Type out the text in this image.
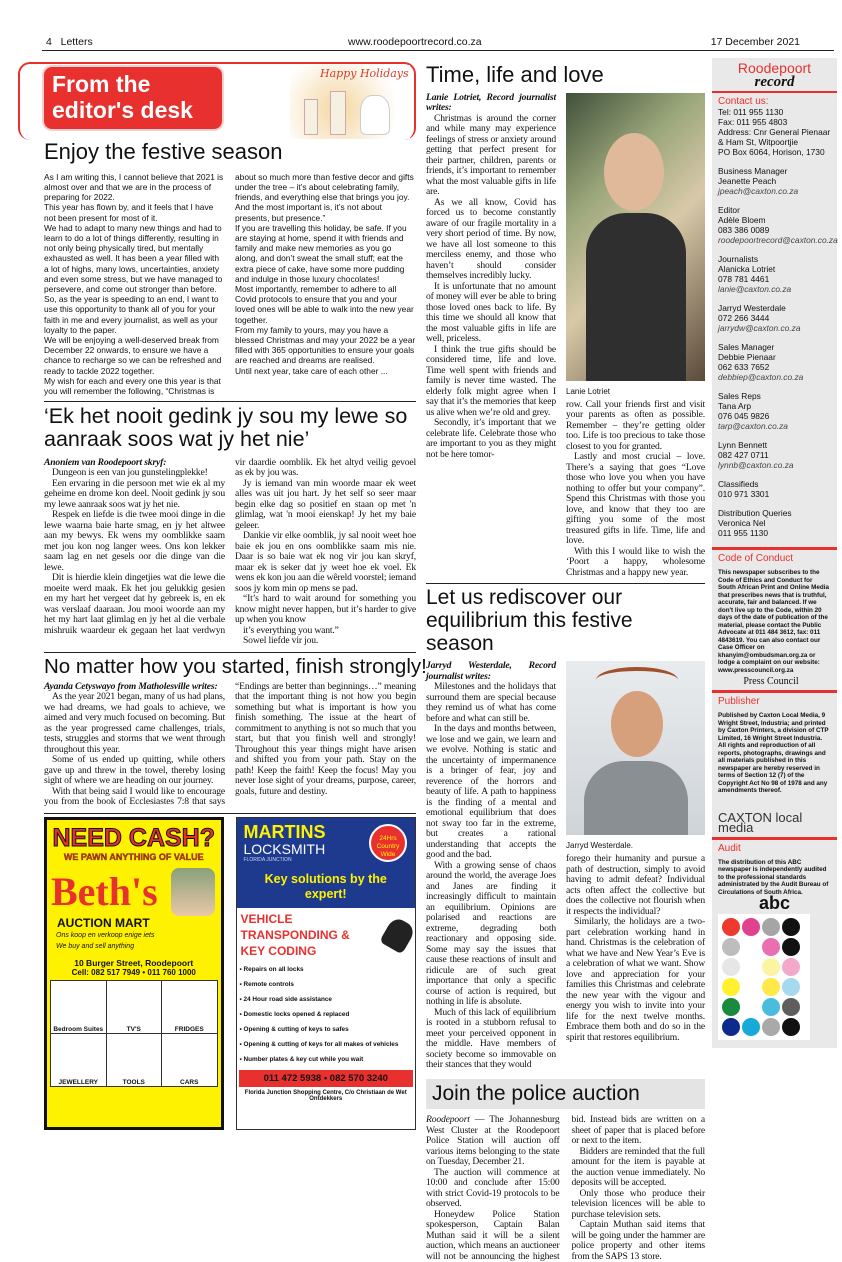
4 Letters	www.roodepoortrecord.co.za	17 December 2021
From the editor's desk
Happy Holidays
Enjoy the festive season

As I am writing this, I cannot believe that 2021 is almost over and that we are in the process of preparing for 2022.

This year has flown by, and it feels that I have not been present for most of it.

We had to adapt to many new things and had to learn to do a lot of things differently, resulting in not only being physically tired, but mentally exhausted as well. It has been a year filled with a lot of highs, many lows, uncertainties, anxiety and even some stress, but we have managed to persevere, and come out stronger than before.

So, as the year is speeding to an end, I want to use this opportunity to thank all of you for your faith in me and every journalist, as well as your loyalty to the paper.

We will be enjoying a well-deserved break from December 22 onwards, to ensure we have a chance to recharge so we can be refreshed and ready to tackle 2022 together.

My wish for each and every one this year is that you will remember the following, “Christmas is about so much more than festive decor and gifts under the tree – it’s about celebrating family, friends, and everything else that brings you joy. And the most important is, it’s not about presents, but presence.”

If you are travelling this holiday, be safe. If you are staying at home, spend it with friends and family and make new memories as you go along, and don’t sweat the small stuff; eat the extra piece of cake, have some more pudding and indulge in those luxury chocolates!

Most importantly, remember to adhere to all Covid protocols to ensure that you and your loved ones will be able to walk into the new year together.

From my family to yours, may you have a blessed Christmas and may your 2022 be a year filled with 365 opportunities to ensure your goals are reached and dreams are realised.

Until next year, take care of each other ...

‘Ek het nooit gedink jy sou my lewe so aanraak soos wat jy het nie’

Anoniem van Roodepoort skryf:

Dungeon is een van jou gunstelingplekke!

Een ervaring in die persoon met wie ek al my geheime en drome kon deel. Nooit gedink jy sou my lewe aanraak soos wat jy het nie.

Respek en liefde is die twee mooi dinge in die lewe waarna baie harte smag, en jy het altwee aan my bewys. Ek wens my oomblikke saam met jou kon nog langer wees. Ons kon lekker saam lag en net gesels oor die dinge van die lewe.

Dit is hierdie klein dingetjies wat die lewe die moeite werd maak. Ek het jou gelukkig gesien en my hart het vergeet dat hy gebreek is, en ek was verslaaf daaraan. Jou mooi woorde aan my het my hart laat glimlag en jy het al die verbale mishruik waardeur ek gegaan het laat verdwyn vir daardie oomblik. Ek het altyd veilig gevoel as ek by jou was.

Jy is iemand van min woorde maar ek weet alles was uit jou hart. Jy het self so seer maar begin elke dag so positief en staan op met 'n glimlag, wat 'n mooi eienskap! Jy het my baie geleer.

Dankie vir elke oomblik, jy sal nooit weet hoe baie ek jou en ons oomblikke saam mis nie. Daar is so baie wat ek nog vir jou kan skryf, maar ek is seker dat jy weet hoe ek voel. Ek wens ek kon jou aan die wêreld voorstel; iemand soos jy kom min op mens se pad.

“It’s hard to wait around for something you know might never happen, but it’s harder to give up when you know

it’s everything you want.”

Sowel liefde vir jou.

No matter how you started, finish strongly!

Ayanda Cetyswayo from Matholesville writes:

As the year 2021 began, many of us had plans, we had dreams, we had goals to achieve, we aimed and very much focused on becoming. But as the year progressed came challenges, trials, tests, struggles and storms that we went through throughout this year.

Some of us ended up quitting, while others gave up and threw in the towel, thereby losing sight of where we are heading on our journey.

With that being said I would like to encourage you from the book of Ecclesiastes 7:8 that says “Endings are better than beginnings…” meaning that the important thing is not how you begin something but what is important is how you finish something. The issue at the heart of commitment to anything is not so much that you start, but that you finish well and strongly! Throughout this year things might have arisen and shifted you from your path. Stay on the path! Keep the faith! Keep the focus! May you never lose sight of your dreams, purpose, career, goals, future and destiny.

NEED CASH?
WE PAWN ANYTHING OF VALUE
Beth's
AUCTION MART
Ons koop en verkoop enige iets
We buy and sell anything
10 Burger Street, Roodepoort
Cell: 082 517 7949 • 011 760 1000
Bedroom Suites	TV'S	FRIDGES
JEWELLERY	TOOLS	CARS
MARTINS
LOCKSMITH
FLORIDA JUNCTION
24Hrs Country Wide
Key solutions by the expert!
VEHICLE TRANSPONDING & KEY CODING
▪ Repairs on all locks
▪ Remote controls
▪ 24 Hour road side assistance
▪ Domestic locks opened & replaced
▪ Opening & cutting of keys to safes
▪ Opening & cutting of keys for all makes of vehicles
▪ Number plates & key cut while you wait
011 472 5938 • 082 570 3240
Florida Junction Shopping Centre, C/o Christiaan de Wet Ontdekkers
Time, life and love

Lanie Lotriet, Record journalist writes:

Christmas is around the corner and while many may experience feelings of stress or anxiety around getting that perfect present for their partner, children, parents or friends, it’s important to remember what the most valuable gifts in life are.

As we all know, Covid has forced us to become constantly aware of our fragile mortality in a very short period of time. By now, we have all lost someone to this merciless enemy, and those who haven’t should consider themselves incredibly lucky.

It is unfortunate that no amount of money will ever be able to bring those loved ones back to life. By this time we should all know that the most valuable gifts in life are well, priceless.

I think the true gifts should be considered time, life and love. Time well spent with friends and family is never time wasted. The elderly folk might agree when I say that it’s the memories that keep us alive when we’re old and grey.

Secondly, it’s important that we celebrate life. Celebrate those who are important to you as they might not be here tomor-

Lanie Lotriet

row. Call your friends first and visit your parents as often as possible. Remember – they’re getting older too. Life is too precious to take those closest to you for granted.

Lastly and most crucial – love. There’s a saying that goes “Love those who love you when you have nothing to offer but your company”. Spend this Christmas with those you love, and know that they too are gifting you some of the most treasured gifts in life. Time, life and love.

With this I would like to wish the ‘Poort a happy, wholesome Christmas and a happy new year.

Let us rediscover our equilibrium this festive season

Jarryd Westerdale, Record journalist writes:

Milestones and the holidays that surround them are special because they remind us of what has come before and what can still be.

In the days and months between, we lose and we gain, we learn and we evolve. Nothing is static and the uncertainty of impermanence is a bringer of fear, joy and reverence of the horrors and beauty of life. A path to happiness is the finding of a mental and emotional equilibrium that does not sway too far in the extreme, but creates a rational understanding that accepts the good and the bad.

With a growing sense of chaos around the world, the average Joes and Janes are finding it increasingly difficult to maintain an equilibrium. Opinions are polarised and reactions are extreme, degrading both reactionary and opposing side. Some may say the issues that cause these reactions of insult and ridicule are of such great importance that only a specific course of action is required, but nothing in life is absolute.

Much of this lack of equilibrium is rooted in a stubborn refusal to meet your perceived opponent in the middle. Have members of society become so immovable on their stances that they would

Jarryd Westerdale.

forego their humanity and pursue a path of destruction, simply to avoid having to admit defeat? Individual acts often affect the collective but does the collective not flourish when it respects the individual?

Similarly, the holidays are a two-part celebration working hand in hand. Christmas is the celebration of what we have and New Year’s Eve is a celebration of what we want. Show love and appreciation for your families this Christmas and celebrate the new year with the vigour and energy you wish to invite into your life for the next twelve months. Embrace them both and do so in the spirit that restores equilibrium.

Join the police auction

Roodepoort — The Johannesburg West Cluster at the Roodepoort Police Station will auction off various items belonging to the state on Tuesday, December 21.

The auction will commence at 10:00 and conclude after 15:00 with strict Covid-19 protocols to be observed.

Honeydew Police Station spokesperson, Captain Balan Muthan said it will be a silent auction, which means an auctioneer will not be announcing the highest bid. Instead bids are written on a sheet of paper that is placed before or next to the item.

Bidders are reminded that the full amount for the item is payable at the auction venue immediately. No deposits will be accepted.

Only those who produce their television licences will be able to purchase television sets.

Captain Muthan said items that will be going under the hammer are police property and other items from the SAPS 13 store.

Roodepoort
record
Contact us:
Tel: 011 955 1130
Fax: 011 955 4803
Address: Cnr General Pienaar & Ham St, Witpoortjie
PO Box 6064, Horison, 1730
Business Manager
Jeanette Peach
jpeach@caxton.co.za
Editor
Adèle Bloem
083 386 0089
roodepoortrecord@caxton.co.za
Journalists
Alanicka Lotriet
078 781 4461
lanie@caxton.co.za
Jarryd Westerdale
072 266 3444
jarrydw@caxton.co.za
Sales Manager
Debbie Pienaar
062 633 7652
debbiep@caxton.co.za
Sales Reps
Tana Arp
076 045 9826
tarp@caxton.co.za
Lynn Bennett
082 427 0711
lynnb@caxton.co.za
Classifieds
010 971 3301
Distribution Queries
Veronica Nel
011 955 1130
Code of Conduct
This newspaper subscribes to the Code of Ethics and Conduct for South African Print and Online Media that prescribes news that is truthful, accurate, fair and balanced. If we don't live up to the Code, within 20 days of the date of publication of the material, please contact the Public Advocate at 011 484 3612, fax: 011 4843619. You can also contact our Case Officer on khanyim@ombudsman.org.za or lodge a complaint on our website: www.presscouncil.org.za
Press Council
Publisher
Published by Caxton Local Media, 9 Wright Street, Industria; and printed by Caxton Printers, a division of CTP Limited, 16 Wright Street Industria. All rights and reproduction of all reports, photographs, drawings and all materials published in this newspaper are hereby reserved in terms of Section 12 (7) of the Copyright Act No 98 of 1978 and any amendments thereof.
CAXTON local media
Audit
The distribution of this ABC newspaper is independently audited to the professional standards administrated by the Audit Bureau of Circulations of South Africa.
abc
